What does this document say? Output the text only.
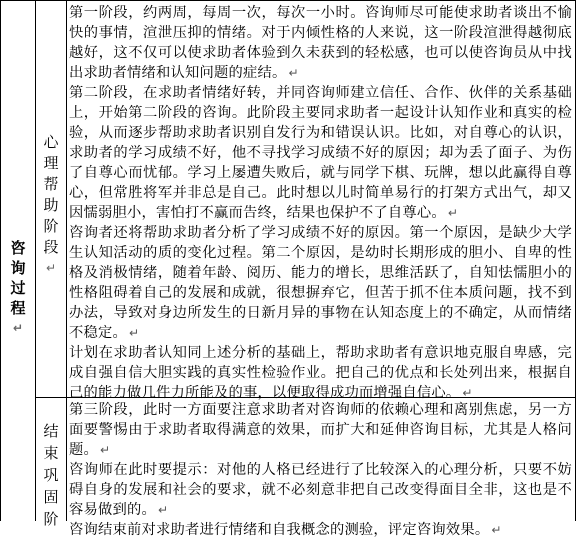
咨
询
过
程
↵
心
理
帮
助
阶
段
↵
结
束
巩
固
阶

第一阶段，约两周，每周一次，每次一小时。咨询师尽可能使求助者谈出不愉快的事情，渲泄压抑的情绪。对于内倾性格的人来说，这一阶段渲泄得越彻底越好，这不仅可以使求助者体验到久未获到的轻松感，也可以使咨询员从中找出求助者情绪和认知问题的症结。 ↵

第二阶段，在求助者情绪好转，并同咨询师建立信任、合作、伙伴的关系基础上，开始第二阶段的咨询。此阶段主要同求助者一起设计认知作业和真实的检验，从而逐步帮助求助者识别自发行为和错误认识。比如，对自尊心的认识，求助者的学习成绩不好，他不寻找学习成绩不好的原因；却为丢了面子、为伤了自尊心而忧郁。学习上屡遭失败后，就与同学下棋、玩牌，想以此赢得自尊心，但常胜将军并非总是自己。此时想以儿时简单易行的打架方式出气，却又因懦弱胆小，害怕打不赢而告终，结果也保护不了自尊心。 ↵

咨询者还将帮助求助者分析了学习成绩不好的原因。第一个原因，是缺少大学生认知活动的质的变化过程。第二个原因，是幼时长期形成的胆小、自卑的性格及消极情绪，随着年龄、阅历、能力的增长，思维活跃了，自知怯懦胆小的性格阻碍着自己的发展和成就，很想摒弃它，但苦于抓不住本质问题，找不到办法，导致对身边所发生的日新月异的事物在认知态度上的不确定，从而情绪不稳定。 ↵

计划在求助者认知同上述分析的基础上，帮助求助者有意识地克服自卑感，完成自强自信大胆实践的真实性检验作业。把自己的优点和长处列出来，根据自己的能力做几件力所能及的事，以便取得成功而增强自信心。 ↵

第三阶段，此时一方面要注意求助者对咨询师的依赖心理和离别焦虑，另一方面要警惕由于求助者取得满意的效果，而扩大和延伸咨询目标，尤其是人格问题。 ↵

咨询师在此时要提示：对他的人格已经进行了比较深入的心理分析，只要不妨碍自身的发展和社会的要求，就不必刻意非把自己改变得面目全非，这也是不容易做到的。 ↵

咨询结束前对求助者进行情绪和自我概念的测验，评定咨询效果。 ↵
